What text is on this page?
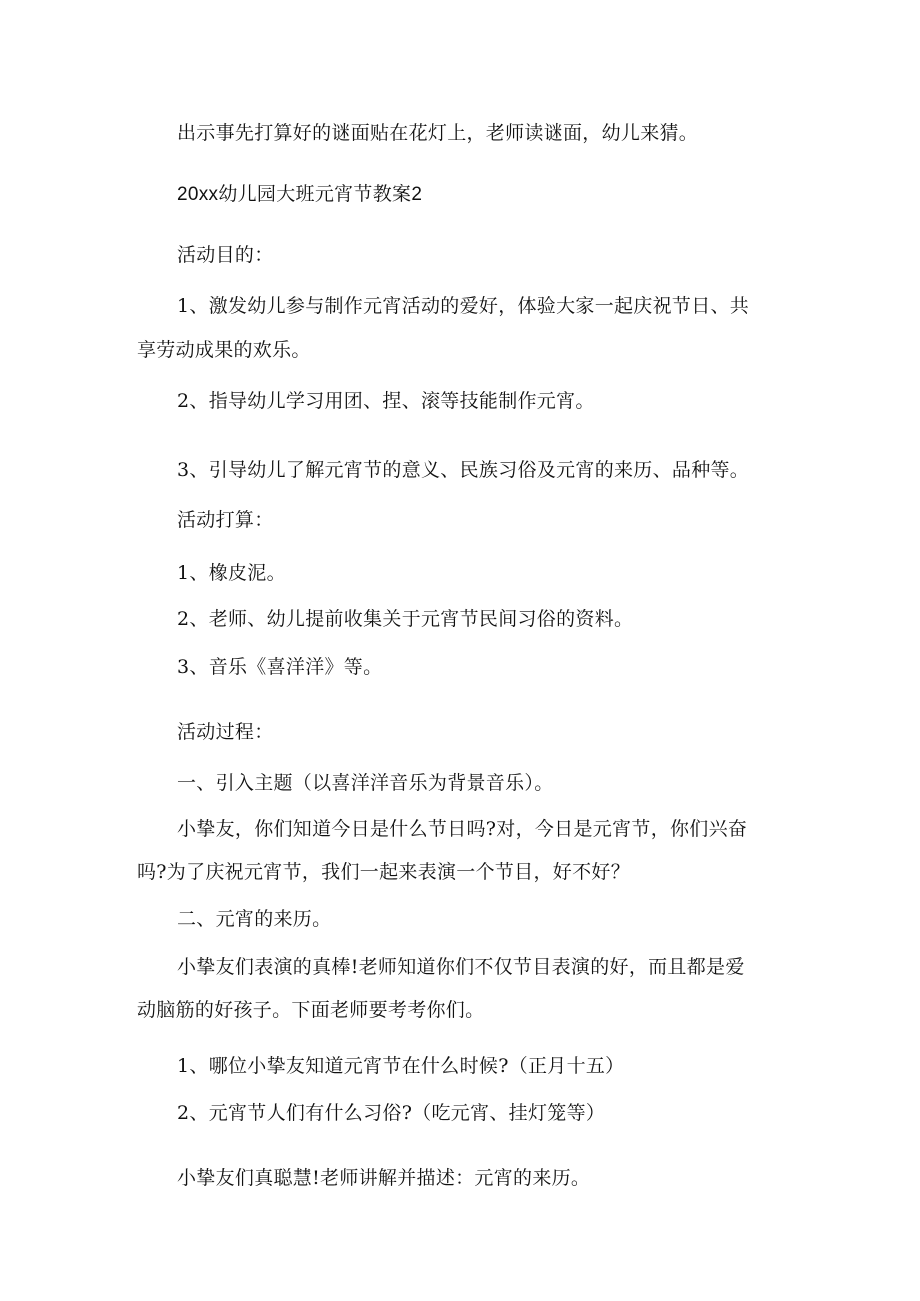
出示事先打算好的谜面贴在花灯上，老师读谜面，幼儿来猜。

20xx幼儿园大班元宵节教案2

活动目的：

1、激发幼儿参与制作元宵活动的爱好，体验大家一起庆祝节日、共

享劳动成果的欢乐。

2、指导幼儿学习用团、捏、滚等技能制作元宵。

3、引导幼儿了解元宵节的意义、民族习俗及元宵的来历、品种等。

活动打算：

1、橡皮泥。

2、老师、幼儿提前收集关于元宵节民间习俗的资料。

3、音乐《喜洋洋》等。

活动过程：

一、引入主题（以喜洋洋音乐为背景音乐）。

小挚友，你们知道今日是什么节日吗?对，今日是元宵节，你们兴奋

吗?为了庆祝元宵节，我们一起来表演一个节目，好不好？

二、元宵的来历。

小挚友们表演的真棒!老师知道你们不仅节目表演的好，而且都是爱

动脑筋的好孩子。下面老师要考考你们。

1、哪位小挚友知道元宵节在什么时候?（正月十五）

2、元宵节人们有什么习俗?（吃元宵、挂灯笼等）

小挚友们真聪慧!老师讲解并描述：元宵的来历。
